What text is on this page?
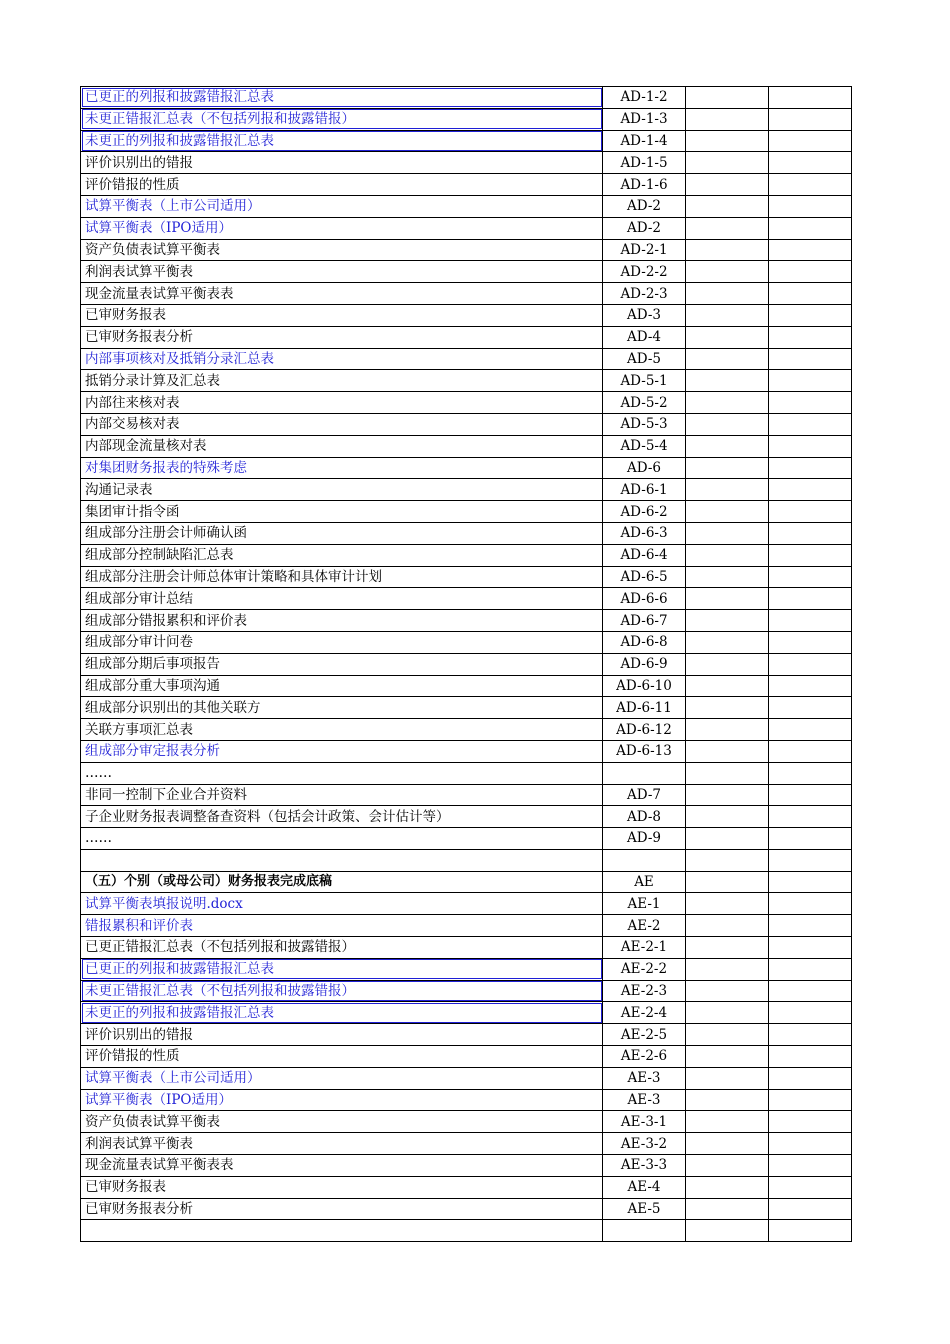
已更正的列报和披露错报汇总表	AD-1-2		
未更正错报汇总表（不包括列报和披露错报）	AD-1-3		
未更正的列报和披露错报汇总表	AD-1-4		
评价识别出的错报	AD-1-5		
评价错报的性质	AD-1-6		
试算平衡表（上市公司适用）	AD-2		
试算平衡表（IPO适用）	AD-2		
资产负债表试算平衡表	AD-2-1		
利润表试算平衡表	AD-2-2		
现金流量表试算平衡表表	AD-2-3		
已审财务报表	AD-3		
已审财务报表分析	AD-4		
内部事项核对及抵销分录汇总表	AD-5		
抵销分录计算及汇总表	AD-5-1		
内部往来核对表	AD-5-2		
内部交易核对表	AD-5-3		
内部现金流量核对表	AD-5-4		
对集团财务报表的特殊考虑	AD-6		
沟通记录表	AD-6-1		
集团审计指令函	AD-6-2		
组成部分注册会计师确认函	AD-6-3		
组成部分控制缺陷汇总表	AD-6-4		
组成部分注册会计师总体审计策略和具体审计计划	AD-6-5		
组成部分审计总结	AD-6-6		
组成部分错报累积和评价表	AD-6-7		
组成部分审计问卷	AD-6-8		
组成部分期后事项报告	AD-6-9		
组成部分重大事项沟通	AD-6-10		
组成部分识别出的其他关联方	AD-6-11		
关联方事项汇总表	AD-6-12		
组成部分审定报表分析	AD-6-13		
……			
非同一控制下企业合并资料	AD-7		
子企业财务报表调整备查资料（包括会计政策、会计估计等）	AD-8		
……	AD-9		

（五）个别（或母公司）财务报表完成底稿	AE		
试算平衡表填报说明.docx	AE-1		
错报累积和评价表	AE-2		
已更正错报汇总表（不包括列报和披露错报）	AE-2-1		
已更正的列报和披露错报汇总表	AE-2-2		
未更正错报汇总表（不包括列报和披露错报）	AE-2-3		
未更正的列报和披露错报汇总表	AE-2-4		
评价识别出的错报	AE-2-5		
评价错报的性质	AE-2-6		
试算平衡表（上市公司适用）	AE-3		
试算平衡表（IPO适用）	AE-3		
资产负债表试算平衡表	AE-3-1		
利润表试算平衡表	AE-3-2		
现金流量表试算平衡表表	AE-3-3		
已审财务报表	AE-4		
已审财务报表分析	AE-5		
